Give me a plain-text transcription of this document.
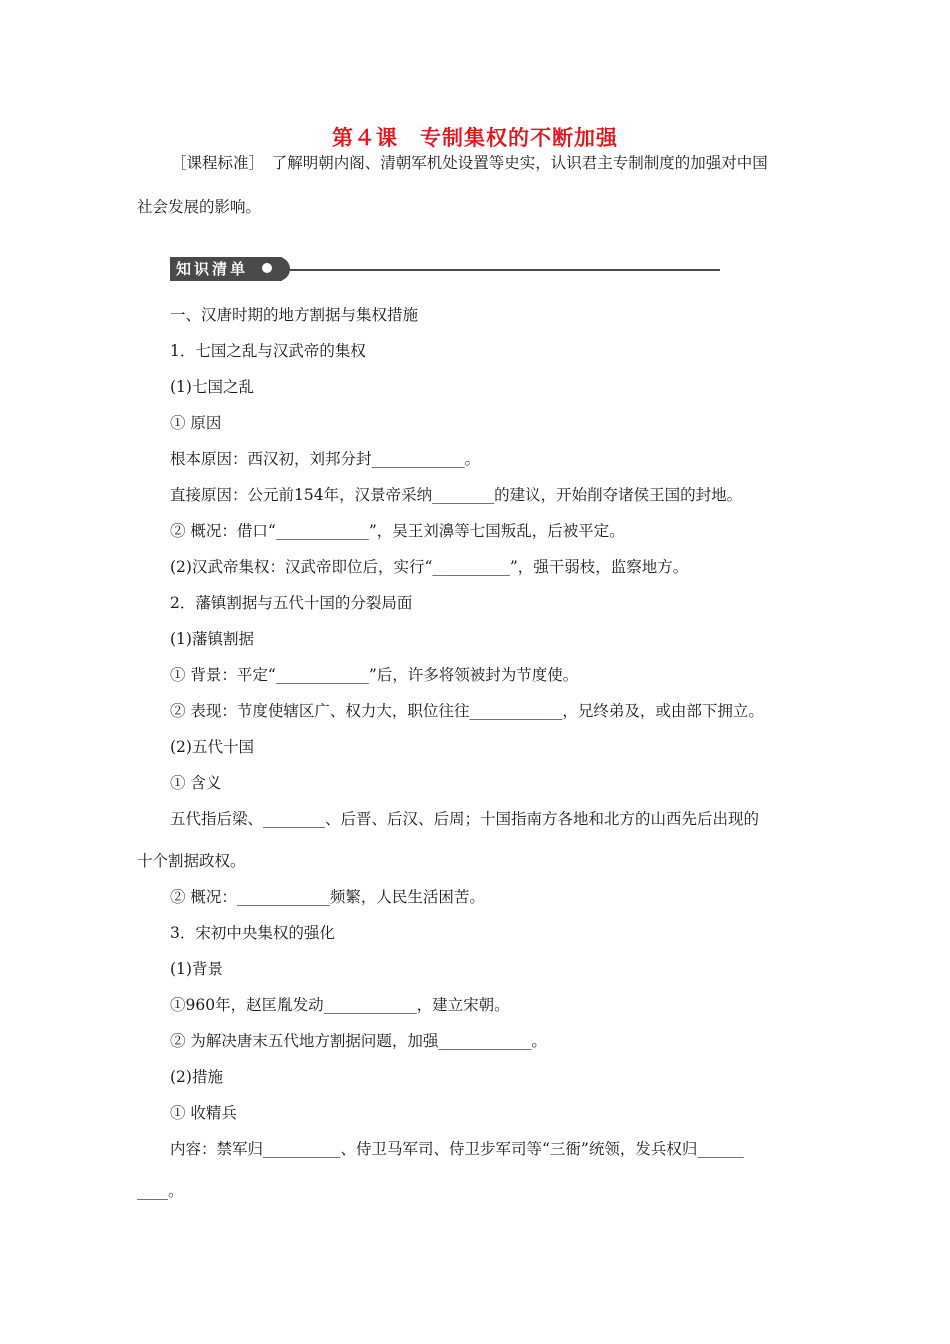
第４课　专制集权的不断加强
［课程标准］　了解明朝内阁、清朝军机处设置等史实，认识君主专制制度的加强对中国
社会发展的影响。
知识清单
一、汉唐时期的地方割据与集权措施
1．七国之乱与汉武帝的集权
(1)七国之乱
① 原因
根本原因：西汉初，刘邦分封____________。
直接原因：公元前154年，汉景帝采纳________的建议，开始削夺诸侯王国的封地。
② 概况：借口“____________”，吴王刘濞等七国叛乱，后被平定。
(2)汉武帝集权：汉武帝即位后，实行“__________”，强干弱枝，监察地方。
2．藩镇割据与五代十国的分裂局面
(1)藩镇割据
① 背景：平定“____________”后，许多将领被封为节度使。
② 表现：节度使辖区广、权力大，职位往往____________，兄终弟及，或由部下拥立。
(2)五代十国
① 含义
五代指后梁、________、后晋、后汉、后周；十国指南方各地和北方的山西先后出现的
十个割据政权。
② 概况：____________频繁，人民生活困苦。
3．宋初中央集权的强化
(1)背景
①960年，赵匡胤发动____________，建立宋朝。
② 为解决唐末五代地方割据问题，加强____________。
(2)措施
① 收精兵
内容：禁军归__________、侍卫马军司、侍卫步军司等“三衙”统领，发兵权归______
____。
